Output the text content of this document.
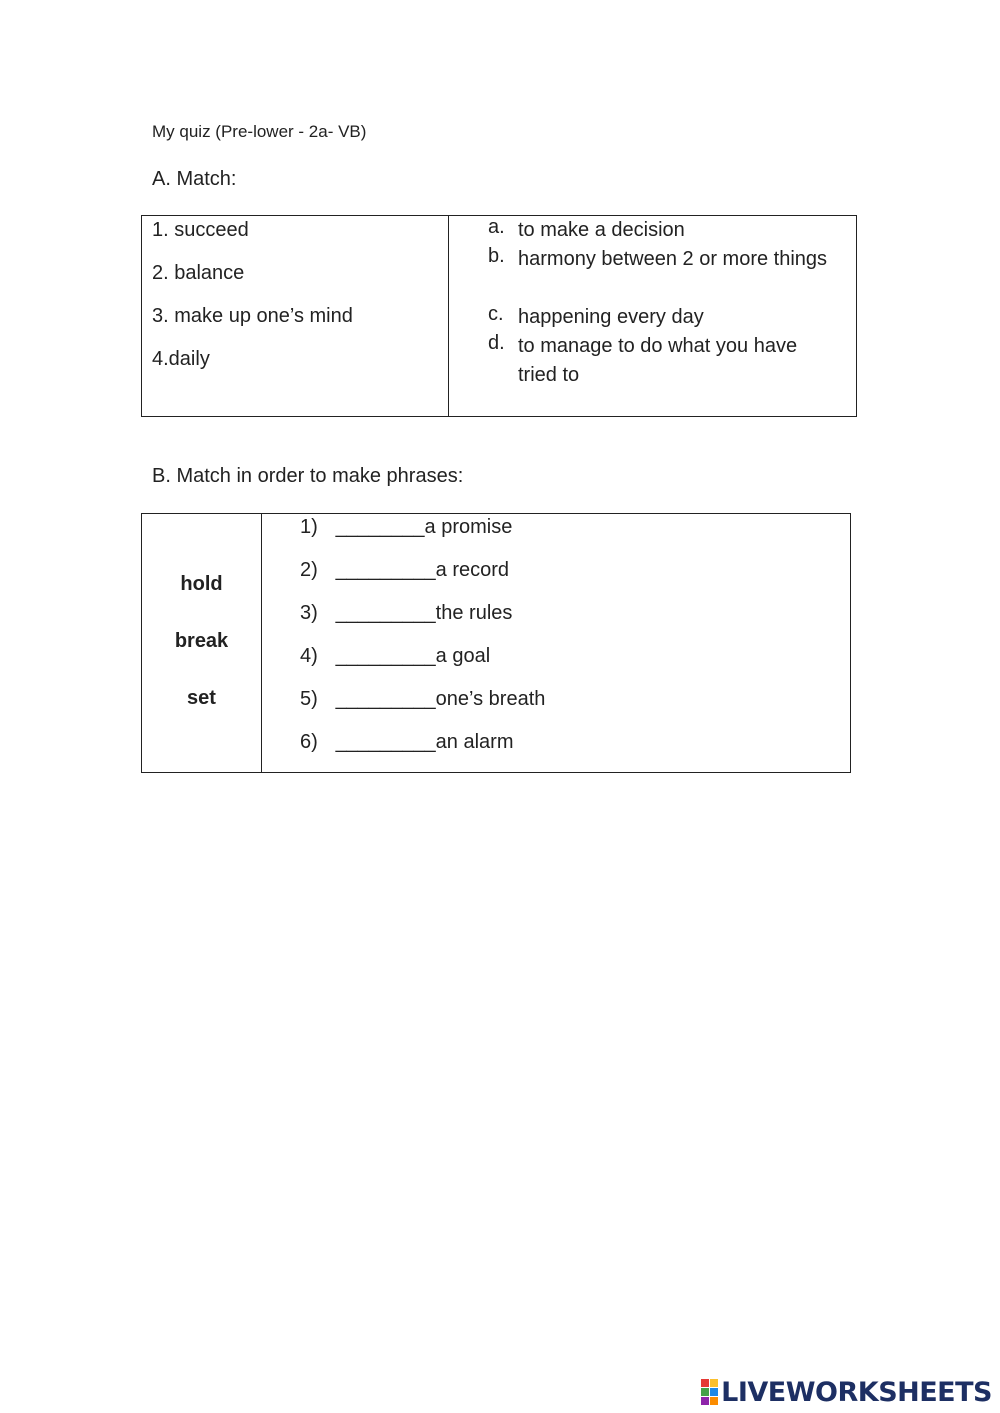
My quiz (Pre-lower - 2a- VB)
A. Match:
1. succeed
2. balance
3. make up one’s mind
4.daily
a. to make a decision
b. harmony between 2 or more things
c. happening every day
d. to manage to do what you have tried to
B. Match in order to make phrases:
hold
break
set
1) ________a promise
2) _________a record
3) _________the rules
4) _________a goal
5) _________one’s breath
6) _________an alarm
LIVEWORKSHEETS
